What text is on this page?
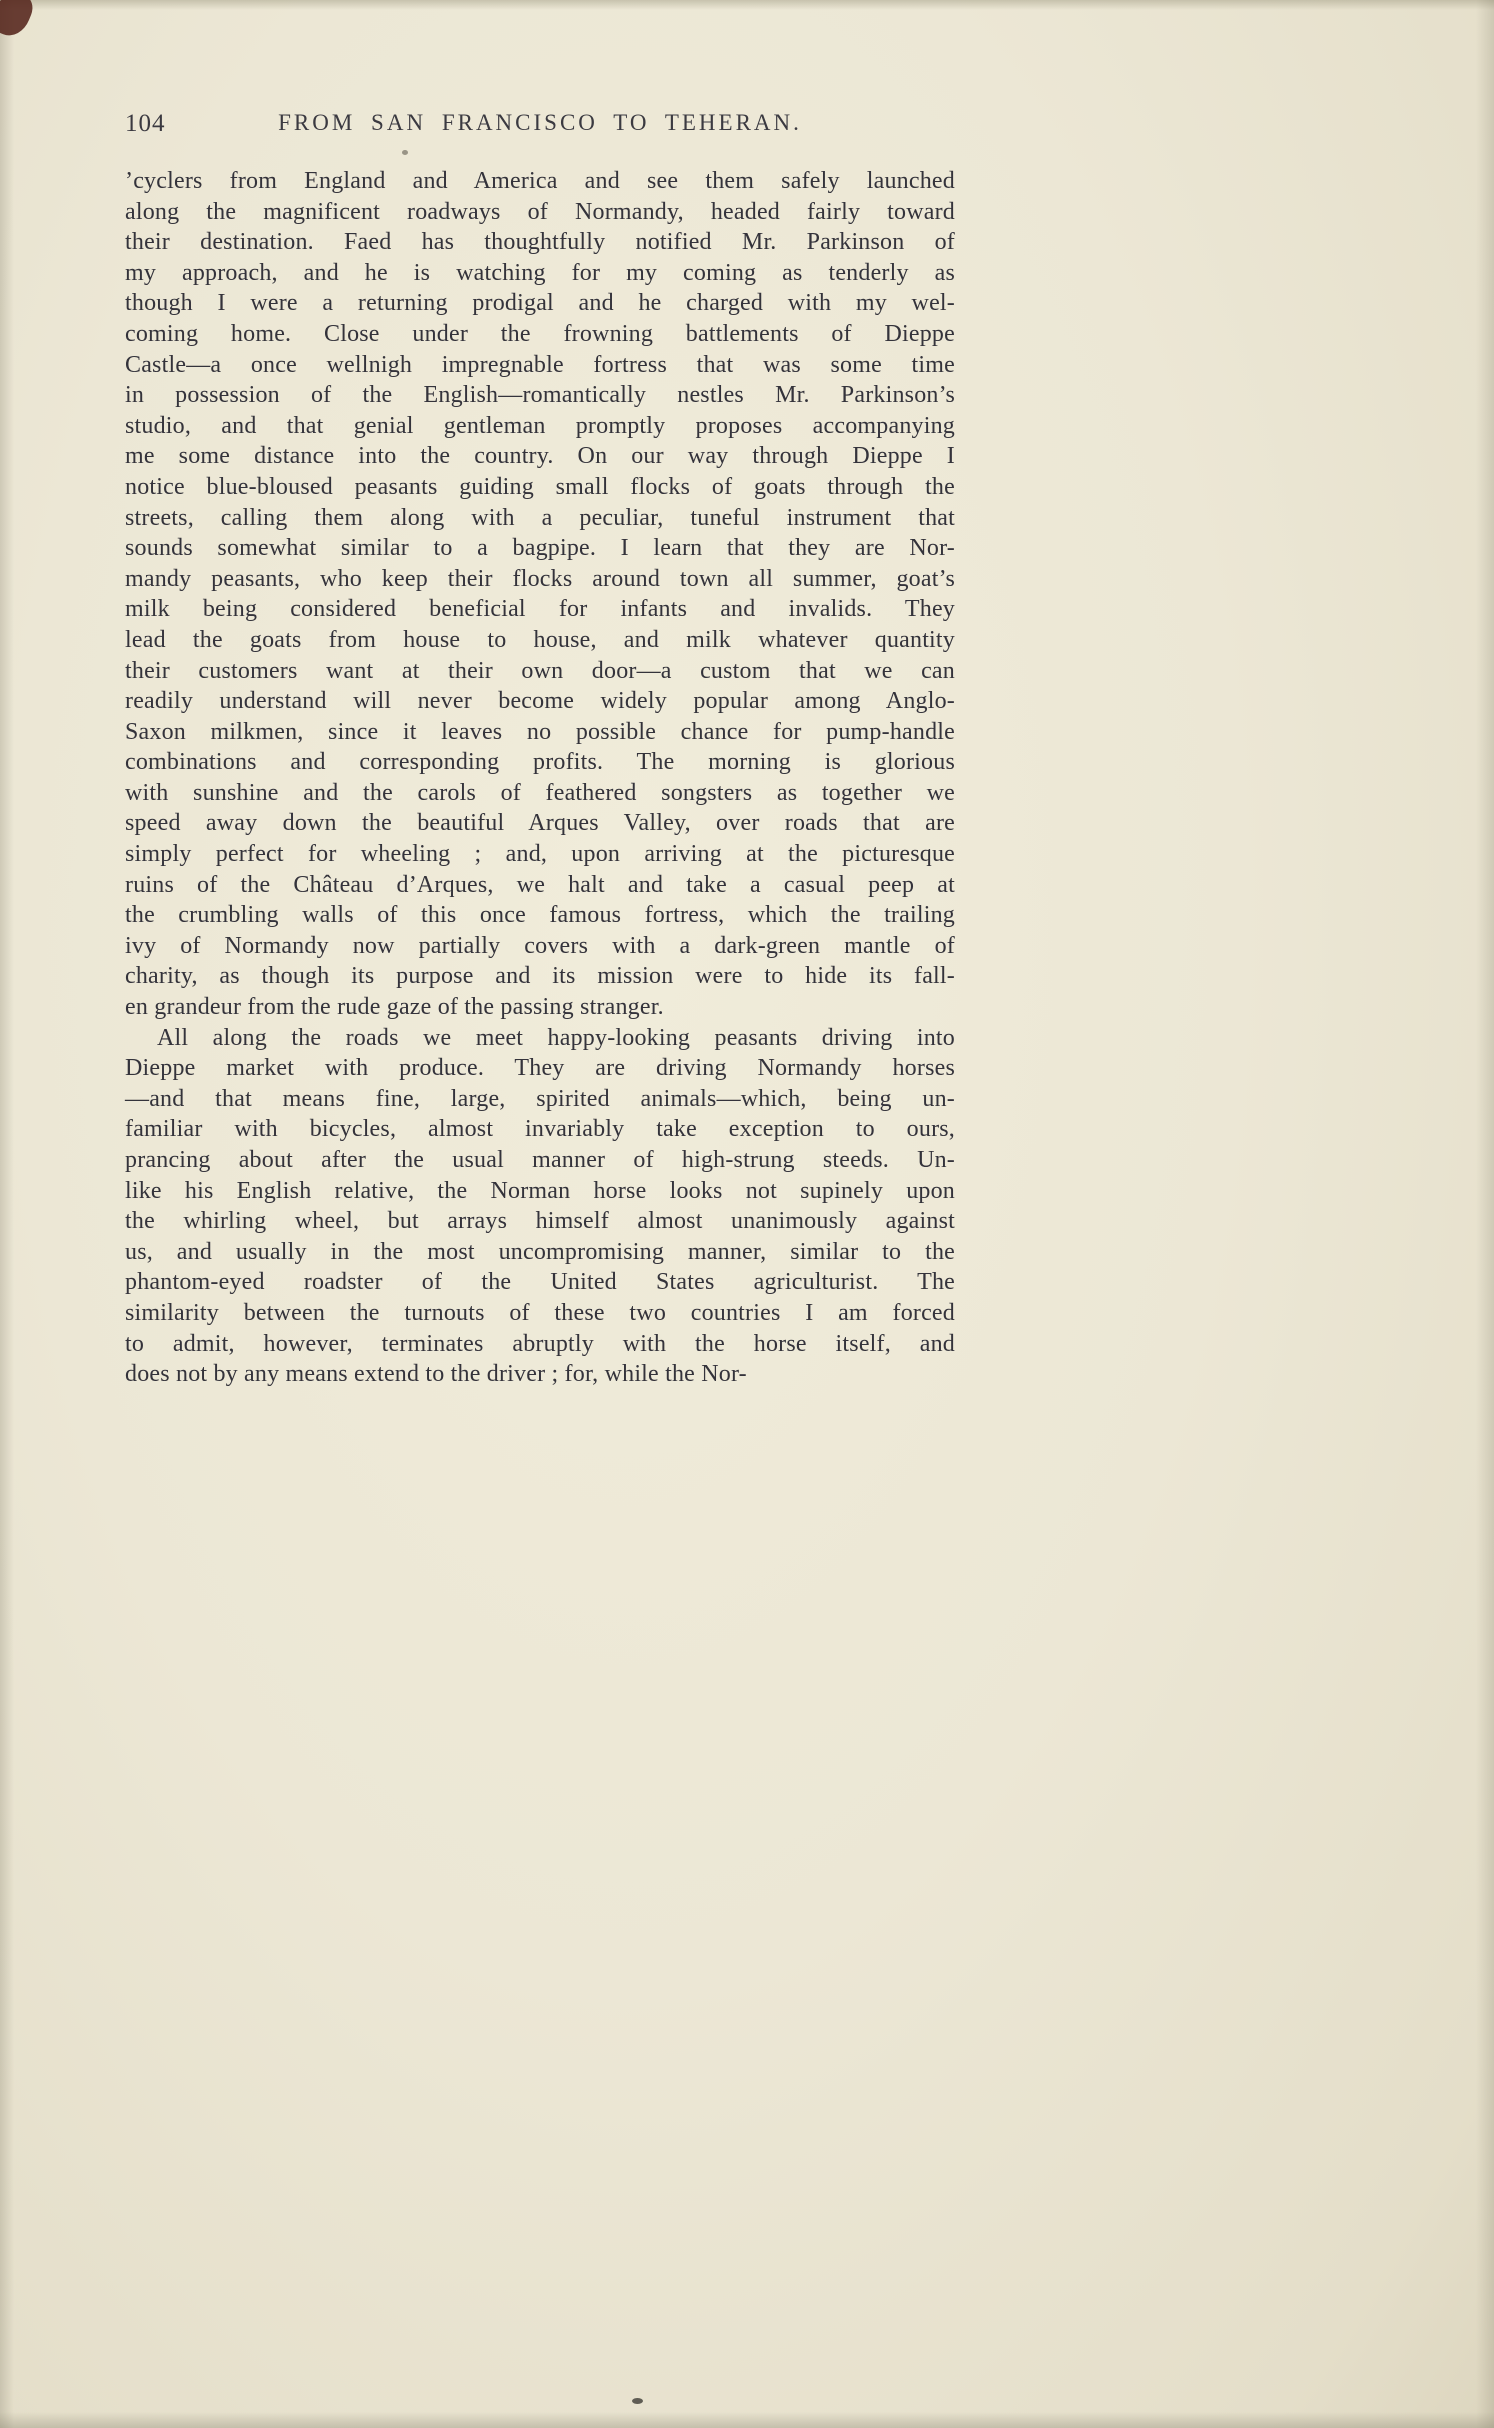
104	FROM SAN FRANCISCO TO TEHERAN.

’cyclers from England and America and see them safely launched
along the magnificent roadways of Normandy, headed fairly toward
their destination. Faed has thoughtfully notified Mr. Parkinson of
my approach, and he is watching for my coming as tenderly as
though I were a returning prodigal and he charged with my wel-
coming home. Close under the frowning battlements of Dieppe
Castle—a once wellnigh impregnable fortress that was some time
in possession of the English—romantically nestles Mr. Parkinson’s
studio, and that genial gentleman promptly proposes accompanying
me some distance into the country. On our way through Dieppe I
notice blue-bloused peasants guiding small flocks of goats through the
streets, calling them along with a peculiar, tuneful instrument that
sounds somewhat similar to a bagpipe. I learn that they are Nor-
mandy peasants, who keep their flocks around town all summer, goat’s
milk being considered beneficial for infants and invalids. They
lead the goats from house to house, and milk whatever quantity
their customers want at their own door—a custom that we can
readily understand will never become widely popular among Anglo-
Saxon milkmen, since it leaves no possible chance for pump-handle
combinations and corresponding profits. The morning is glorious
with sunshine and the carols of feathered songsters as together we
speed away down the beautiful Arques Valley, over roads that are
simply perfect for wheeling ; and, upon arriving at the picturesque
ruins of the Château d’Arques, we halt and take a casual peep at
the crumbling walls of this once famous fortress, which the trailing
ivy of Normandy now partially covers with a dark-green mantle of
charity, as though its purpose and its mission were to hide its fall-
en grandeur from the rude gaze of the passing stranger.

All along the roads we meet happy-looking peasants driving into
Dieppe market with produce. They are driving Normandy horses
—and that means fine, large, spirited animals—which, being un-
familiar with bicycles, almost invariably take exception to ours,
prancing about after the usual manner of high-strung steeds. Un-
like his English relative, the Norman horse looks not supinely upon
the whirling wheel, but arrays himself almost unanimously against
us, and usually in the most uncompromising manner, similar to the
phantom-eyed roadster of the United States agriculturist. The
similarity between the turnouts of these two countries I am forced
to admit, however, terminates abruptly with the horse itself, and
does not by any means extend to the driver ; for, while the Nor-
